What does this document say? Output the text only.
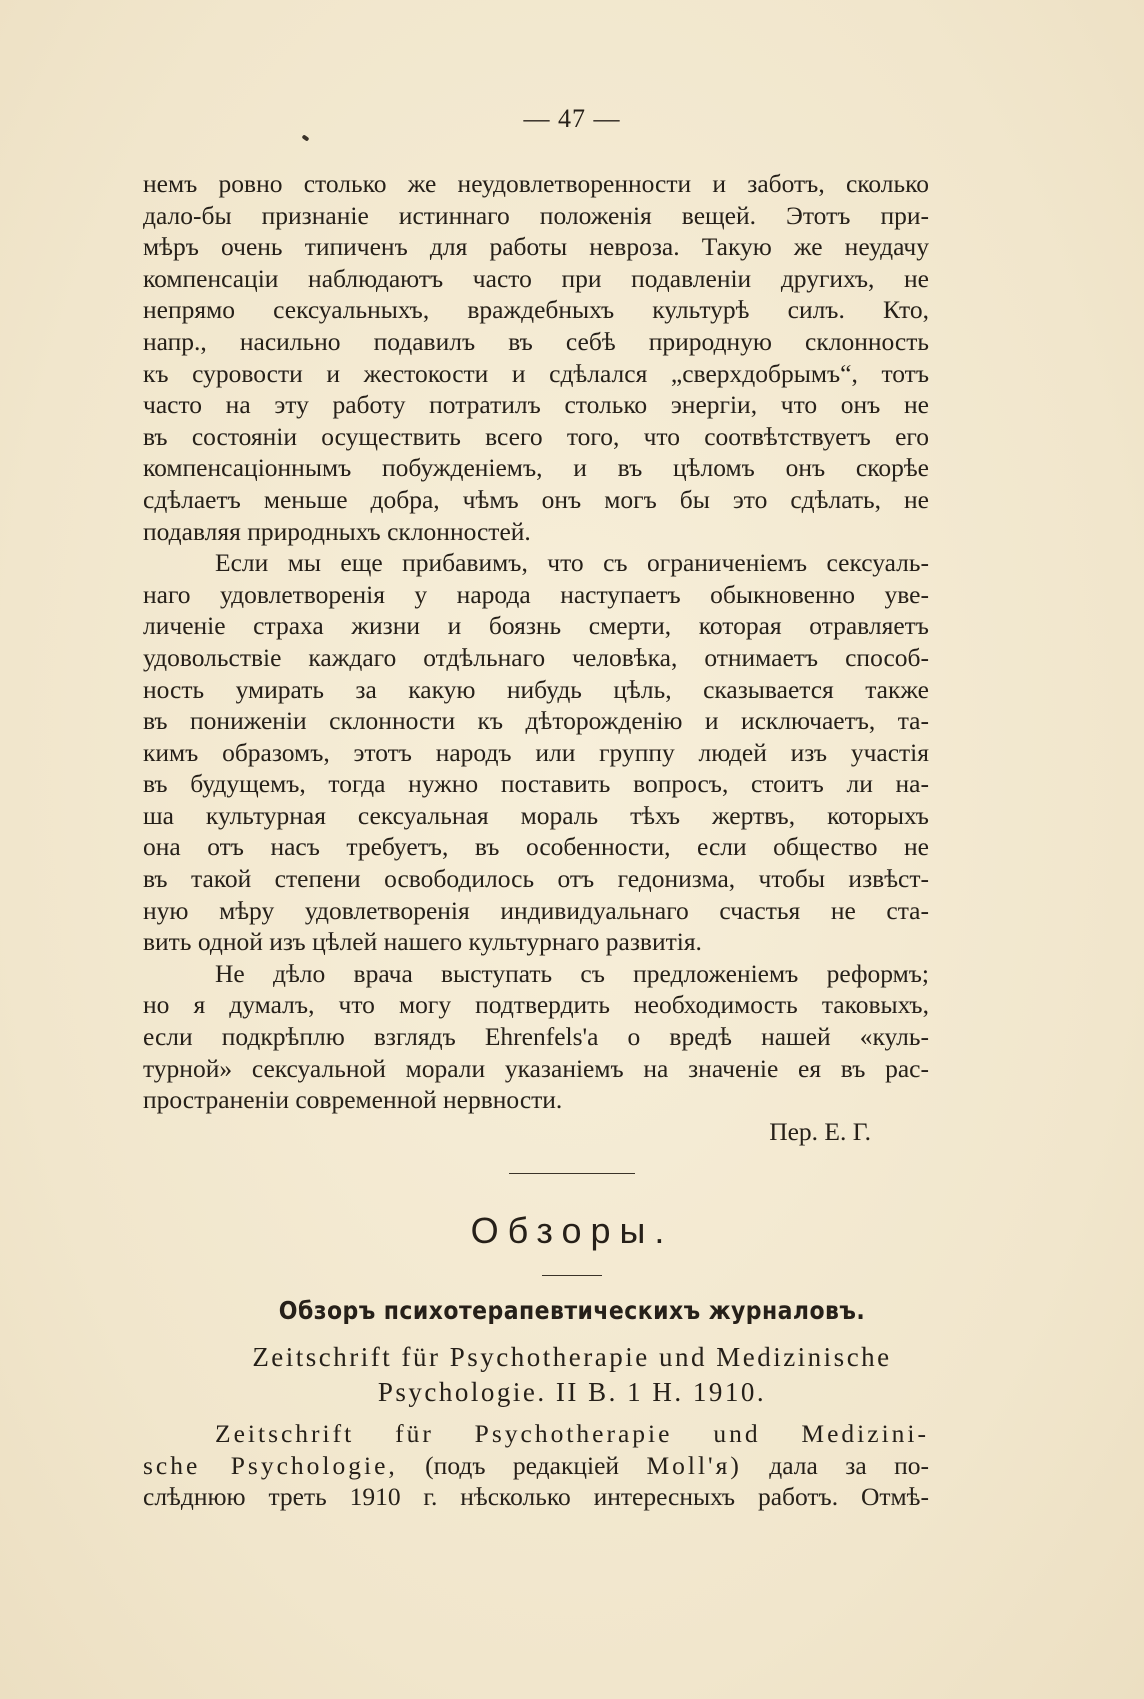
— 47 —
немъ ровно столько же неудовлетворенности и заботъ, сколько
дало-бы признаніе истиннаго положенія вещей. Этотъ при-
мѣръ очень типиченъ для работы невроза. Такую же неудачу
компенсаціи наблюдаютъ часто при подавленіи другихъ, не
непрямо сексуальныхъ, враждебныхъ культурѣ силъ. Кто,
напр., насильно подавилъ въ себѣ природную склонность
къ суровости и жестокости и сдѣлался „сверхдобрымъ“, тотъ
часто на эту работу потратилъ столько энергіи, что онъ не
въ состояніи осуществить всего того, что соотвѣтствуетъ его
компенсаціоннымъ побужденіемъ, и въ цѣломъ онъ скорѣе
сдѣлаетъ меньше добра, чѣмъ онъ могъ бы это сдѣлать, не
подавляя природныхъ склонностей.
Если мы еще прибавимъ, что съ ограниченіемъ сексуаль-
наго удовлетворенія у народа наступаетъ обыкновенно уве-
личеніе страха жизни и боязнь смерти, которая отравляетъ
удовольствіе каждаго отдѣльнаго человѣка, отнимаетъ способ-
ность умирать за какую нибудь цѣль, сказывается также
въ пониженіи склонности къ дѣторожденію и исключаетъ, та-
кимъ образомъ, этотъ народъ или группу людей изъ участія
въ будущемъ, тогда нужно поставить вопросъ, стоитъ ли на-
ша культурная сексуальная мораль тѣхъ жертвъ, которыхъ
она отъ насъ требуетъ, въ особенности, если общество не
въ такой степени освободилось отъ гедонизма, чтобы извѣст-
ную мѣру удовлетворенія индивидуальнаго счастья не ста-
вить одной изъ цѣлей нашего культурнаго развитія.
Не дѣло врача выступать съ предложеніемъ реформъ;
но я думалъ, что могу подтвердить необходимость таковыхъ,
если подкрѣплю взглядъ Ehrenfels'а о вредѣ нашей «куль-
турной» сексуальной морали указаніемъ на значеніе ея въ рас-
пространеніи современной нервности.
Пер. Е. Г.
Обзоры.
Обзоръ психотерапевтическихъ журналовъ.
Zeitschrift für Psychotherapie und Medizinische
Psychologie. II В. 1 Н. 1910.
Zeitschrift für Psychotherapie und Medizini-
sche Psychologie, (подъ редакціей Moll'я) дала за по-
слѣднюю треть 1910 г. нѣсколько интересныхъ работъ. Отмѣ-
